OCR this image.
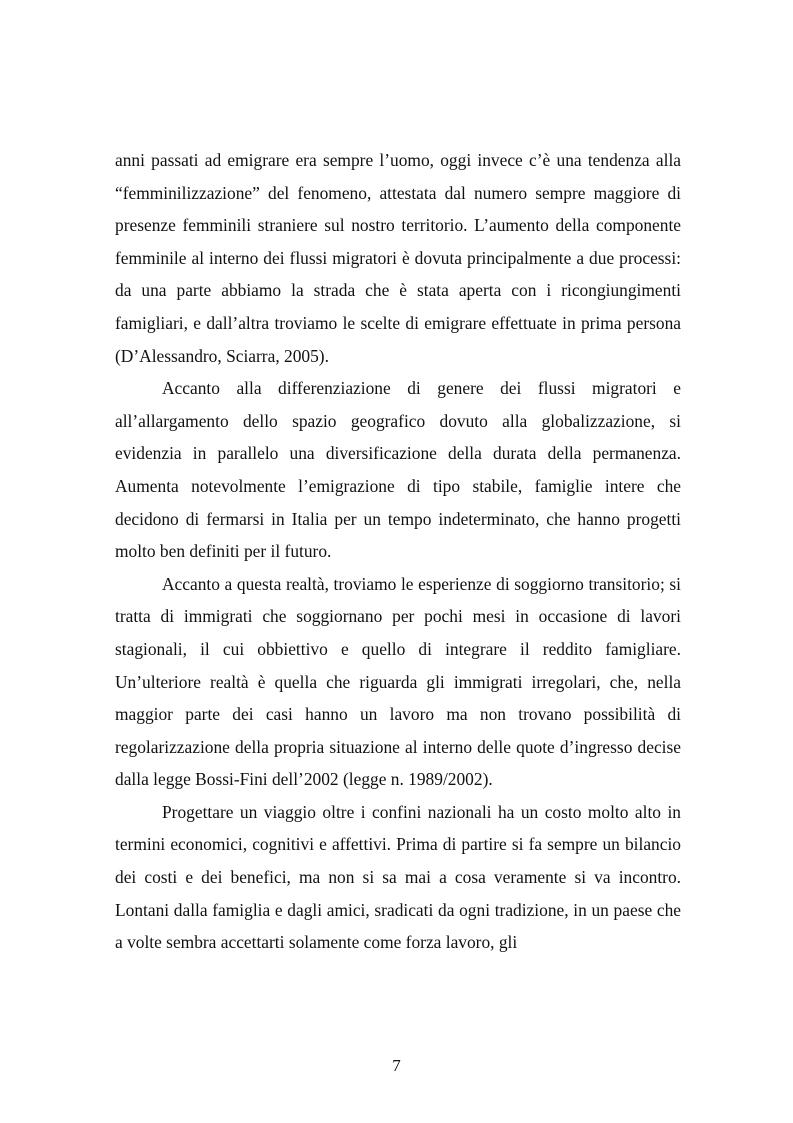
anni passati ad emigrare era sempre l’uomo, oggi invece c’è una tendenza alla “femminilizzazione” del fenomeno, attestata dal numero sempre maggiore di presenze femminili straniere sul nostro territorio. L’aumento della componente femminile al interno dei flussi migratori è dovuta principalmente a due processi: da una parte abbiamo la strada che è stata aperta con i ricongiungimenti famigliari, e dall’altra troviamo le scelte di emigrare effettuate in prima persona (D’Alessandro, Sciarra, 2005).

Accanto alla differenziazione di genere dei flussi migratori e all’allargamento dello spazio geografico dovuto alla globalizzazione, si evidenzia in parallelo una diversificazione della durata della permanenza. Aumenta notevolmente l’emigrazione di tipo stabile, famiglie intere che decidono di fermarsi in Italia per un tempo indeterminato, che hanno progetti molto ben definiti per il futuro.

Accanto a questa realtà, troviamo le esperienze di soggiorno transitorio; si tratta di immigrati che soggiornano per pochi mesi in occasione di lavori stagionali, il cui obbiettivo e quello di integrare il reddito famigliare. Un’ulteriore realtà è quella che riguarda gli immigrati irregolari, che, nella maggior parte dei casi hanno un lavoro ma non trovano possibilità di regolarizzazione della propria situazione al interno delle quote d’ingresso decise dalla legge Bossi-Fini dell’2002 (legge n. 1989/2002).

Progettare un viaggio oltre i confini nazionali ha un costo molto alto in termini economici, cognitivi e affettivi. Prima di partire si fa sempre un bilancio dei costi e dei benefici, ma non si sa mai a cosa veramente si va incontro. Lontani dalla famiglia e dagli amici, sradicati da ogni tradizione, in un paese che a volte sembra accettarti solamente come forza lavoro, gli

7
